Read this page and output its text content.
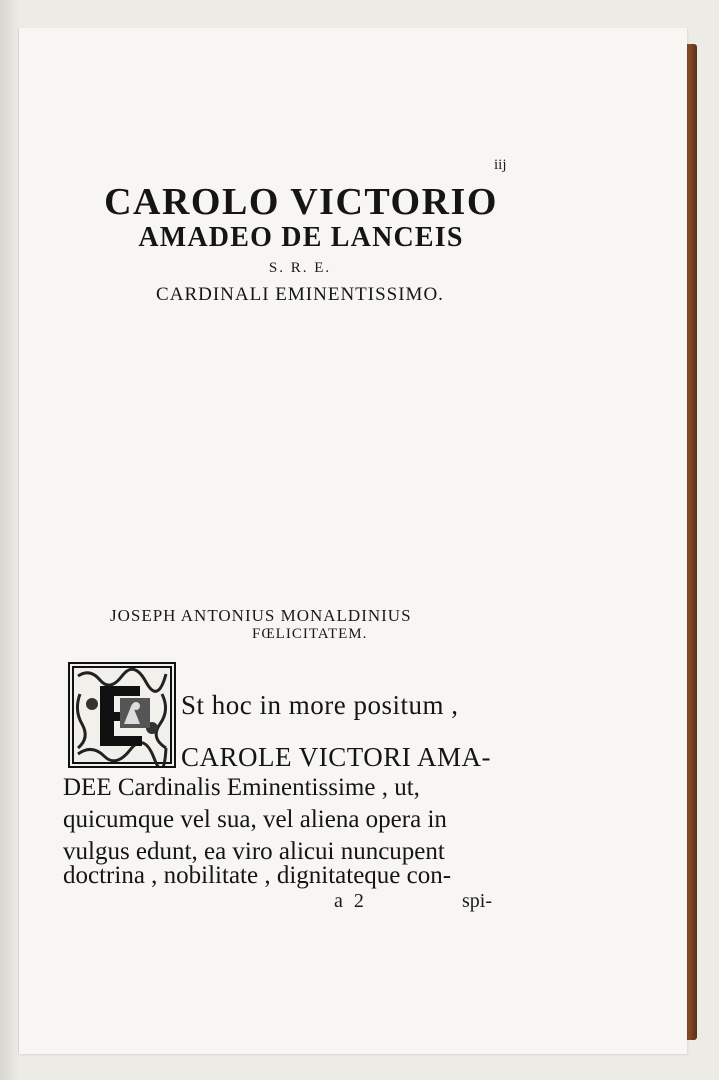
iij
CAROLO VICTORIO
AMADEO DE LANCEIS
S. R. E.
CARDINALI EMINENTISSIMO.
JOSEPH ANTONIUS MONALDINIUS
FŒLICITATEM.
St hoc in more positum ,
CAROLE VICTORI AMA-
DEE Cardinalis Eminentissime , ut,
quicumque vel sua, vel aliena opera in
vulgus edunt, ea viro alicui nuncupent
doctrina , nobilitate , dignitateque con-
a 2	spi-
